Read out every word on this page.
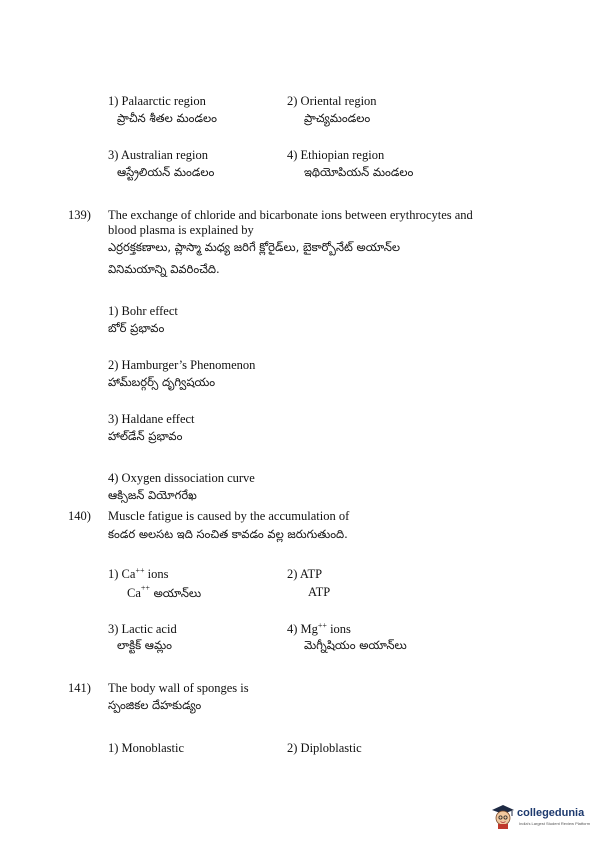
1) Palaarctic region
ప్రాచీన శీతల మండలం
2) Oriental region
ప్రాచ్యమండలం
3) Australian region
ఆస్ట్రేలియన్ మండలం
4) Ethiopian region
ఇథియోపియన్ మండలం
139) The exchange of chloride and bicarbonate ions between erythrocytes and
blood plasma is explained by
ఎర్రరక్తకణాలు, ప్లాస్మా మధ్య జరిగే క్లోరైడ్‌లు, బైకార్బోనేట్ అయాన్‌ల
వినిమయాన్ని వివరించేది.
1) Bohr effect
బోర్ ప్రభావం
2) Hamburger’s Phenomenon
హామ్‌బర్గర్స్ దృగ్విషయం
3) Haldane effect
హాల్‌డేన్ ప్రభావం
4) Oxygen dissociation curve
ఆక్సిజన్ వియోగరేఖ
140) Muscle fatigue is caused by the accumulation of
కండర అలసట ఇది సంచిత కావడం వల్ల జరుగుతుంది.
1) Ca++ ions
Ca++ అయాన్‌లు
2) ATP
ATP
3) Lactic acid
లాక్టిక్ ఆమ్లం
4) Mg++ ions
మెగ్నీషియం అయాన్‌లు
141) The body wall of sponges is
స్పంజికల దేహకుడ్యం
1) Monoblastic	2) Diploblastic
collegedunia
India's Largest Student Review Platform
